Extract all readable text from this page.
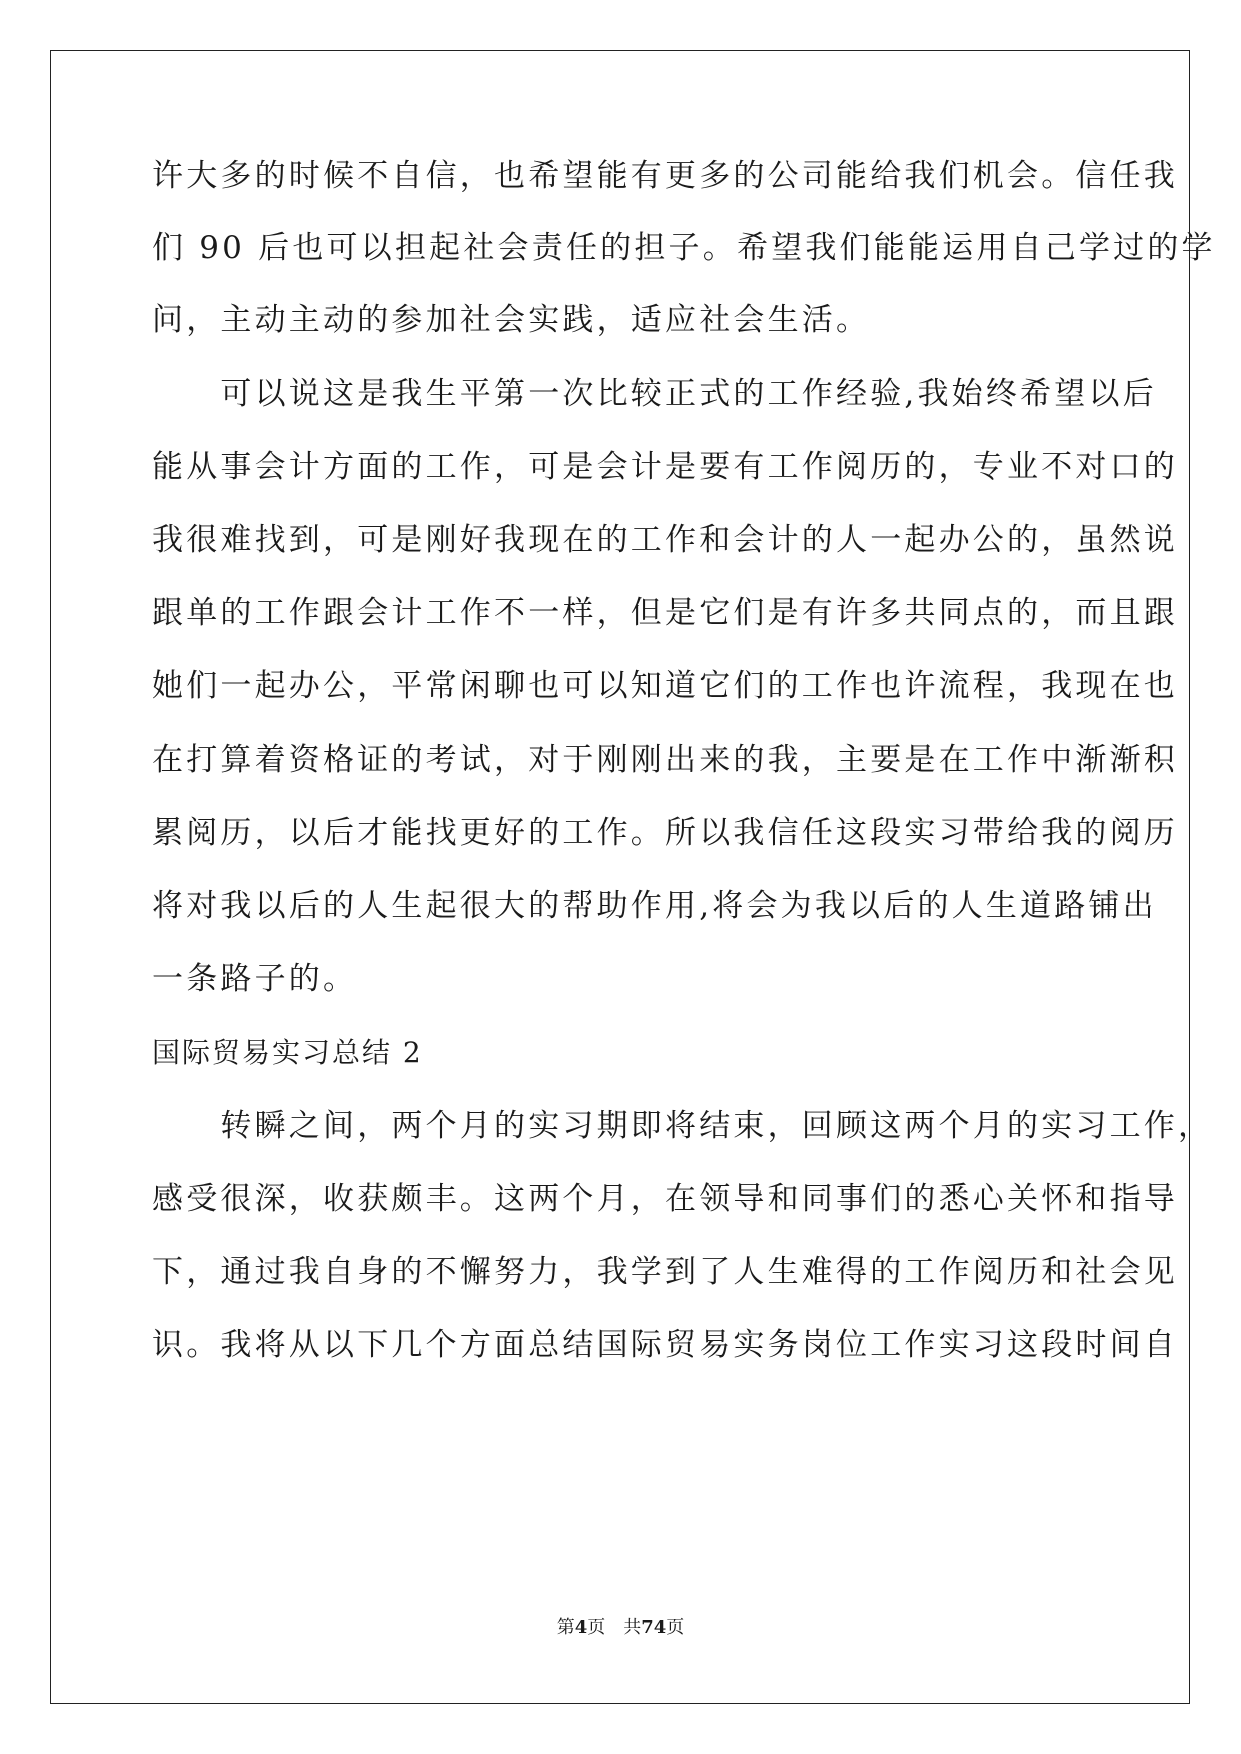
许大多的时候不自信，也希望能有更多的公司能给我们机会。信任我
们 90 后也可以担起社会责任的担子。希望我们能能运用自己学过的学
问，主动主动的参加社会实践，适应社会生活。
　　可以说这是我生平第一次比较正式的工作经验,我始终希望以后
能从事会计方面的工作，可是会计是要有工作阅历的，专业不对口的
我很难找到，可是刚好我现在的工作和会计的人一起办公的，虽然说
跟单的工作跟会计工作不一样，但是它们是有许多共同点的，而且跟
她们一起办公，平常闲聊也可以知道它们的工作也许流程，我现在也
在打算着资格证的考试，对于刚刚出来的我，主要是在工作中渐渐积
累阅历，以后才能找更好的工作。所以我信任这段实习带给我的阅历
将对我以后的人生起很大的帮助作用,将会为我以后的人生道路铺出
一条路子的。
国际贸易实习总结 2
　　转瞬之间，两个月的实习期即将结束，回顾这两个月的实习工作，
感受很深，收获颇丰。这两个月，在领导和同事们的悉心关怀和指导
下，通过我自身的不懈努力，我学到了人生难得的工作阅历和社会见
识。我将从以下几个方面总结国际贸易实务岗位工作实习这段时间自
第4页　共74页
